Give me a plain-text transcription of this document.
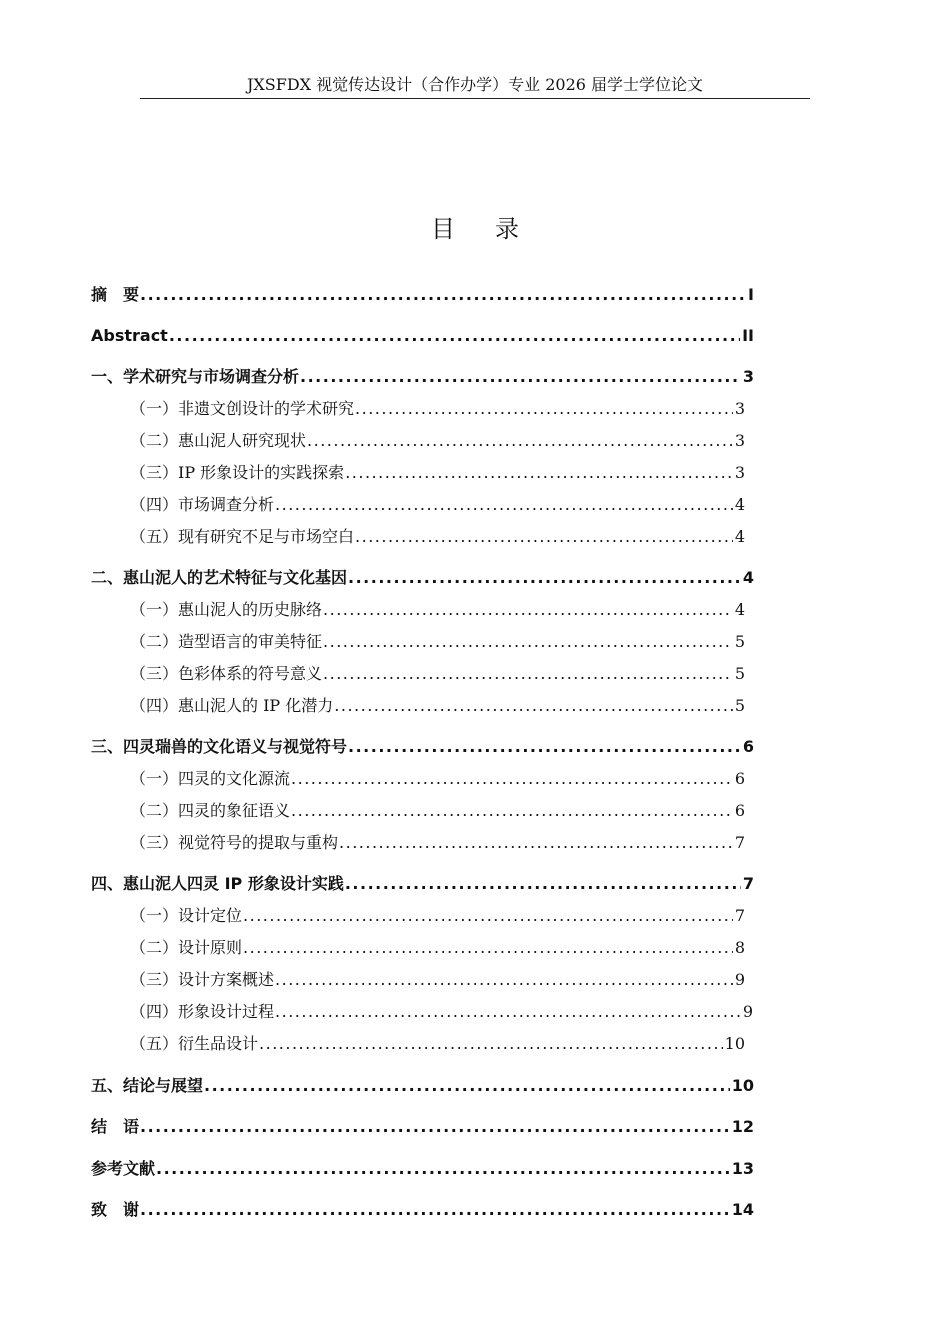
JXSFDX 视觉传达设计（合作办学）专业 2026 届学士学位论文
目录
摘　要 .....	I
Abstract .....	II
一、学术研究与市场调查分析 .....	3
（一）非遗文创设计的学术研究 .....	3
（二）惠山泥人研究现状 .....	3
（三）IP 形象设计的实践探索 .....	3
（四）市场调查分析 .....	4
（五）现有研究不足与市场空白 .....	4
二、惠山泥人的艺术特征与文化基因 .....	4
（一）惠山泥人的历史脉络 .....	4
（二）造型语言的审美特征 .....	5
（三）色彩体系的符号意义 .....	5
（四）惠山泥人的 IP 化潜力 .....	5
三、四灵瑞兽的文化语义与视觉符号 .....	6
（一）四灵的文化源流 .....	6
（二）四灵的象征语义 .....	6
（三）视觉符号的提取与重构 .....	7
四、惠山泥人四灵 IP 形象设计实践 .....	7
（一）设计定位 .....	7
（二）设计原则 .....	8
（三）设计方案概述 .....	9
（四）形象设计过程 .....	9
（五）衍生品设计 .....	10
五、结论与展望 .....	10
结　语 .....	12
参考文献 .....	13
致　谢 .....	14
